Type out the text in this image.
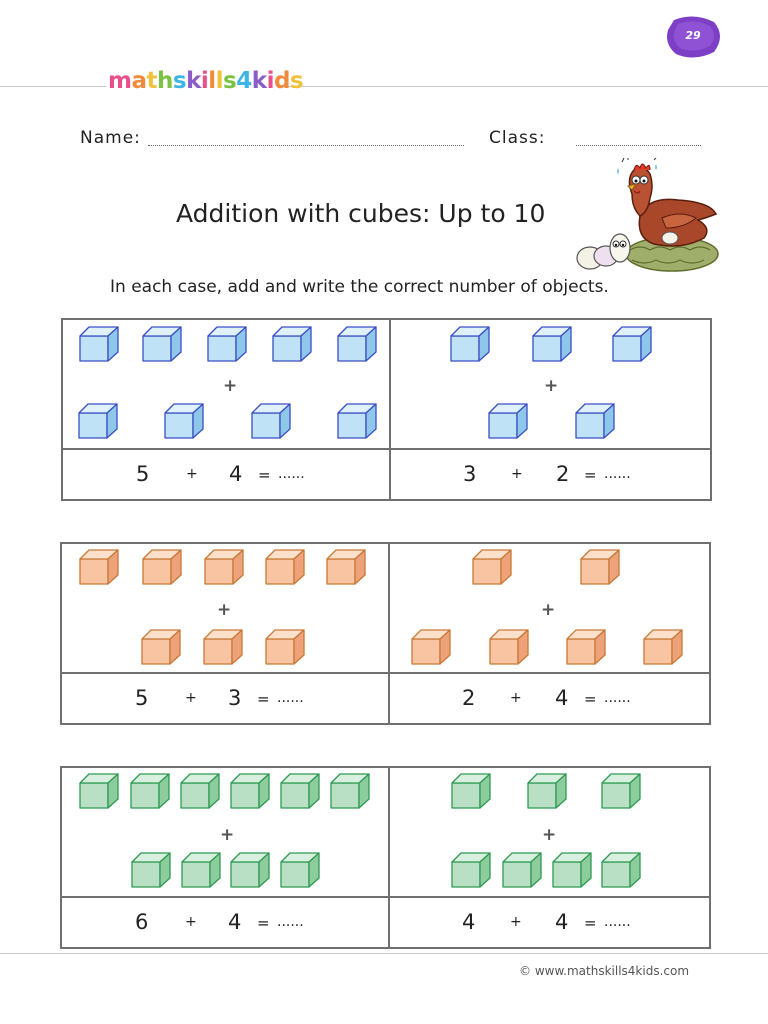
29
mathskills4kids
Name:	Class:
Addition with cubes: Up to 10
In each case, add and write the correct number of objects.
© www.mathskills4kids.com
+
5	+ 4 = ......
+
3 + 2 = ......
+
5	+ 3 = ......
+
2 + 4 = ......
+
6	+ 4 = ......
+
4 + 4 = ......
